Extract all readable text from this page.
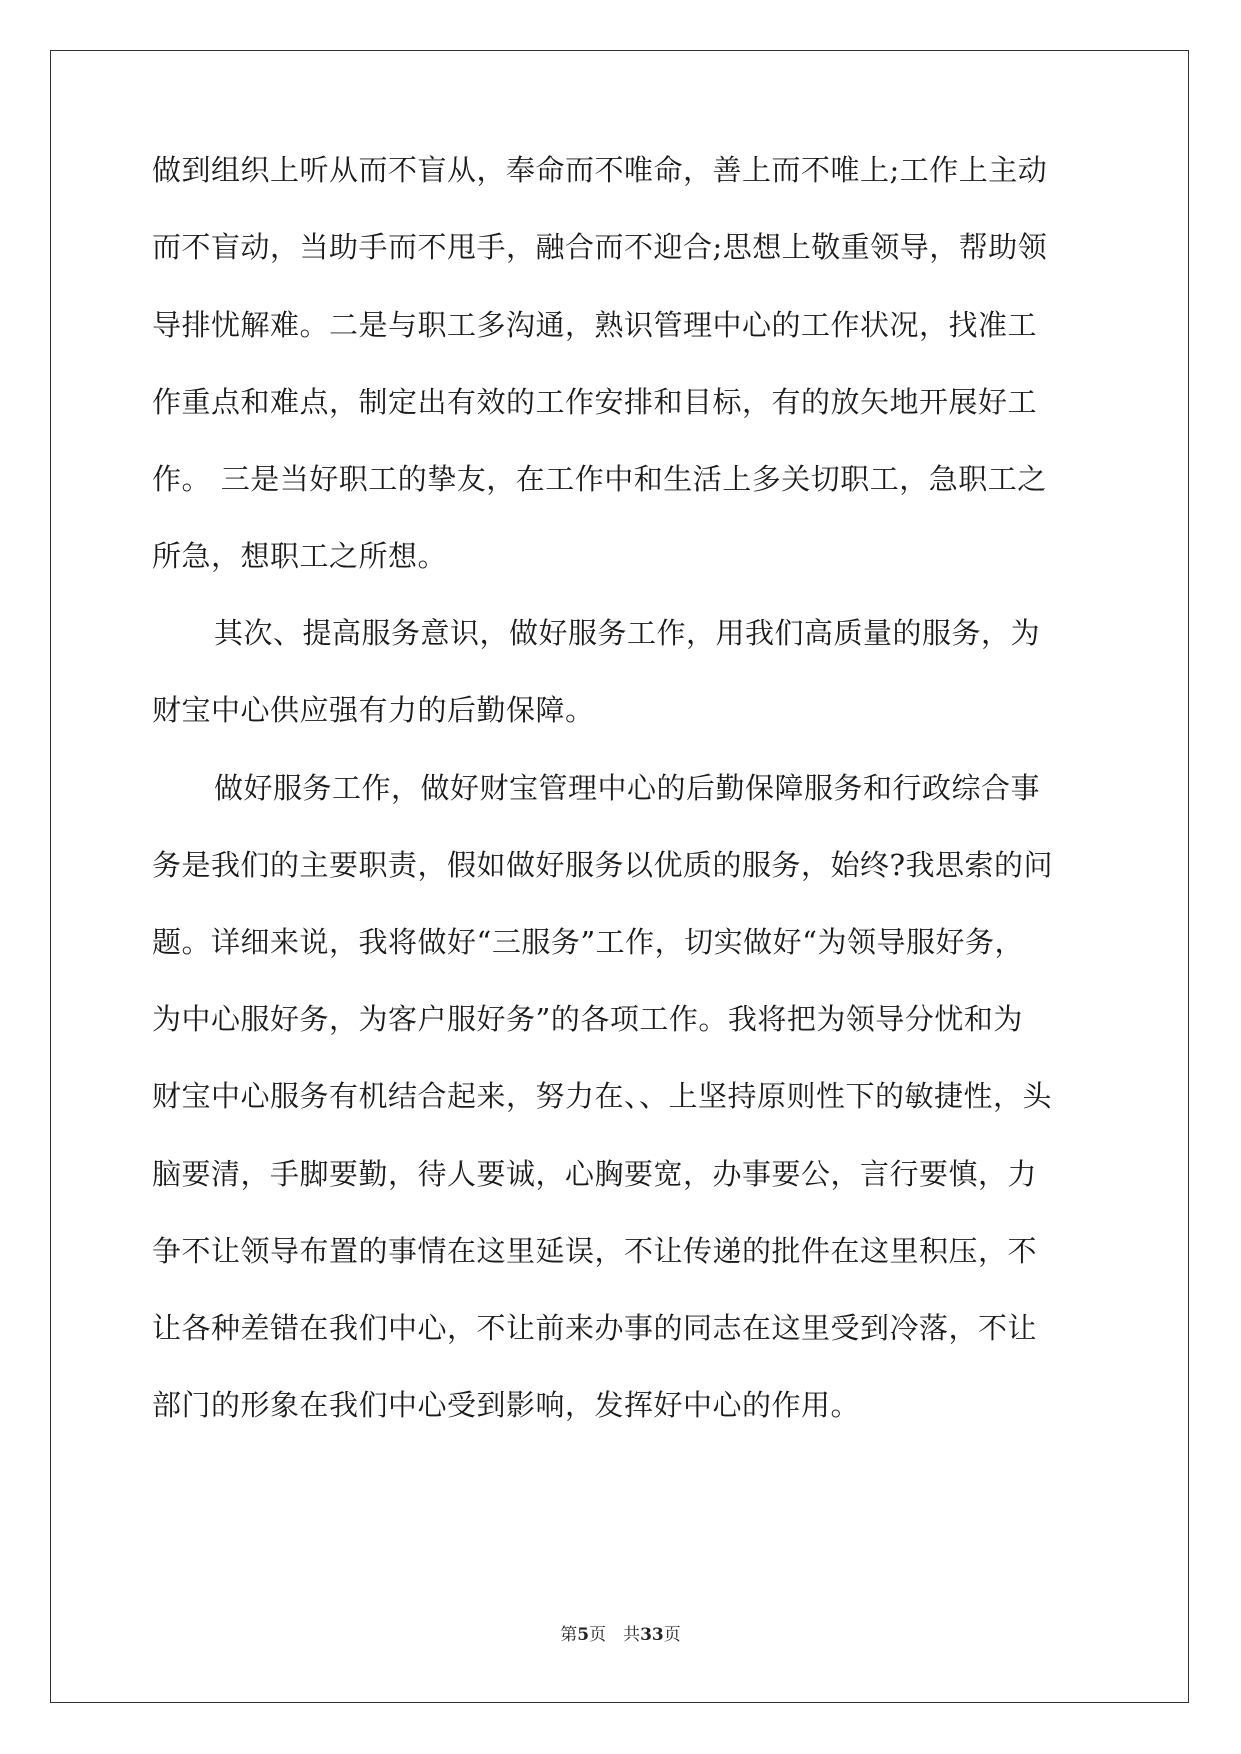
做到组织上听从而不盲从，奉命而不唯命，善上而不唯上;工作上主动
而不盲动，当助手而不甩手，融合而不迎合;思想上敬重领导，帮助领
导排忧解难。二是与职工多沟通，熟识管理中心的工作状况，找准工
作重点和难点，制定出有效的工作安排和目标，有的放矢地开展好工
作。 三是当好职工的挚友，在工作中和生活上多关切职工，急职工之
所急，想职工之所想。
其次、提高服务意识，做好服务工作，用我们高质量的服务，为
财宝中心供应强有力的后勤保障。
做好服务工作，做好财宝管理中心的后勤保障服务和行政综合事
务是我们的主要职责，假如做好服务以优质的服务，始终?我思索的问
题。详细来说，我将做好“三服务”工作，切实做好“为领导服好务，
为中心服好务，为客户服好务”的各项工作。我将把为领导分忧和为
财宝中心服务有机结合起来，努力在、、上坚持原则性下的敏捷性，头
脑要清，手脚要勤，待人要诚，心胸要宽，办事要公，言行要慎，力
争不让领导布置的事情在这里延误，不让传递的批件在这里积压，不
让各种差错在我们中心，不让前来办事的同志在这里受到冷落，不让
部门的形象在我们中心受到影响，发挥好中心的作用。
第5页　共33页
